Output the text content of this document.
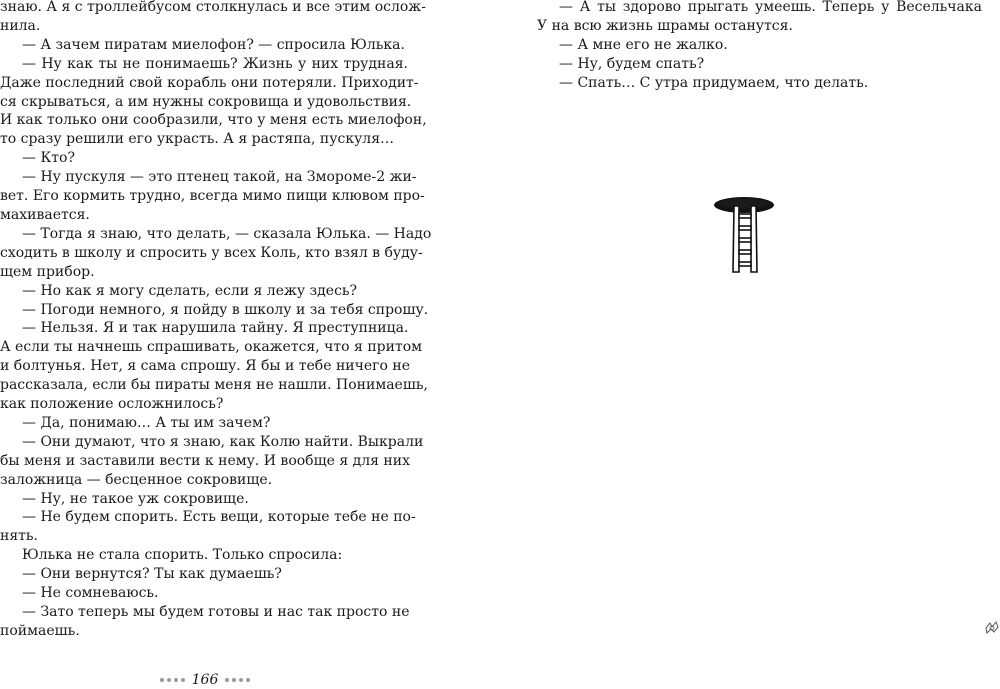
знаю. А я с троллейбусом столкнулась и все этим ослож-

нила.

— А зачем пиратам миелофон? — спросила Юлька.

— Ну как ты не понимаешь? Жизнь у них трудная.

Даже последний свой корабль они потеряли. Приходит-

ся скрываться, а им нужны сокровища и удовольствия.

И как только они сообразили, что у меня есть миелофон,

то сразу решили его украсть. А я растяпа, пускуля…

— Кто?

— Ну пускуля — это птенец такой, на Змороме-2 жи-

вет. Его кормить трудно, всегда мимо пищи клювом про-

махивается.

— Тогда я знаю, что делать, — сказала Юлька. — Надо

сходить в школу и спросить у всех Коль, кто взял в буду-

щем прибор.

— Но как я могу сделать, если я лежу здесь?

— Погоди немного, я пойду в школу и за тебя спрошу.

— Нельзя. Я и так нарушила тайну. Я преступница.

А если ты начнешь спрашивать, окажется, что я притом

и болтунья. Нет, я сама спрошу. Я бы и тебе ничего не

рассказала, если бы пираты меня не нашли. Понимаешь,

как положение осложнилось?

— Да, понимаю… А ты им зачем?

— Они думают, что я знаю, как Колю найти. Выкрали

бы меня и заставили вести к нему. И вообще я для них

заложница — бесценное сокровище.

— Ну, не такое уж сокровище.

— Не будем спорить. Есть вещи, которые тебе не по-

нять.

Юлька не стала спорить. Только спросила:

— Они вернутся? Ты как думаешь?

— Не сомневаюсь.

— Зато теперь мы будем готовы и нас так просто не

поймаешь.

— А ты здорово прыгать умеешь. Теперь у Весельчака

У на всю жизнь шрамы останутся.

— А мне его не жалко.

— Ну, будем спать?

— Спать… С утра придумаем, что делать.

166
